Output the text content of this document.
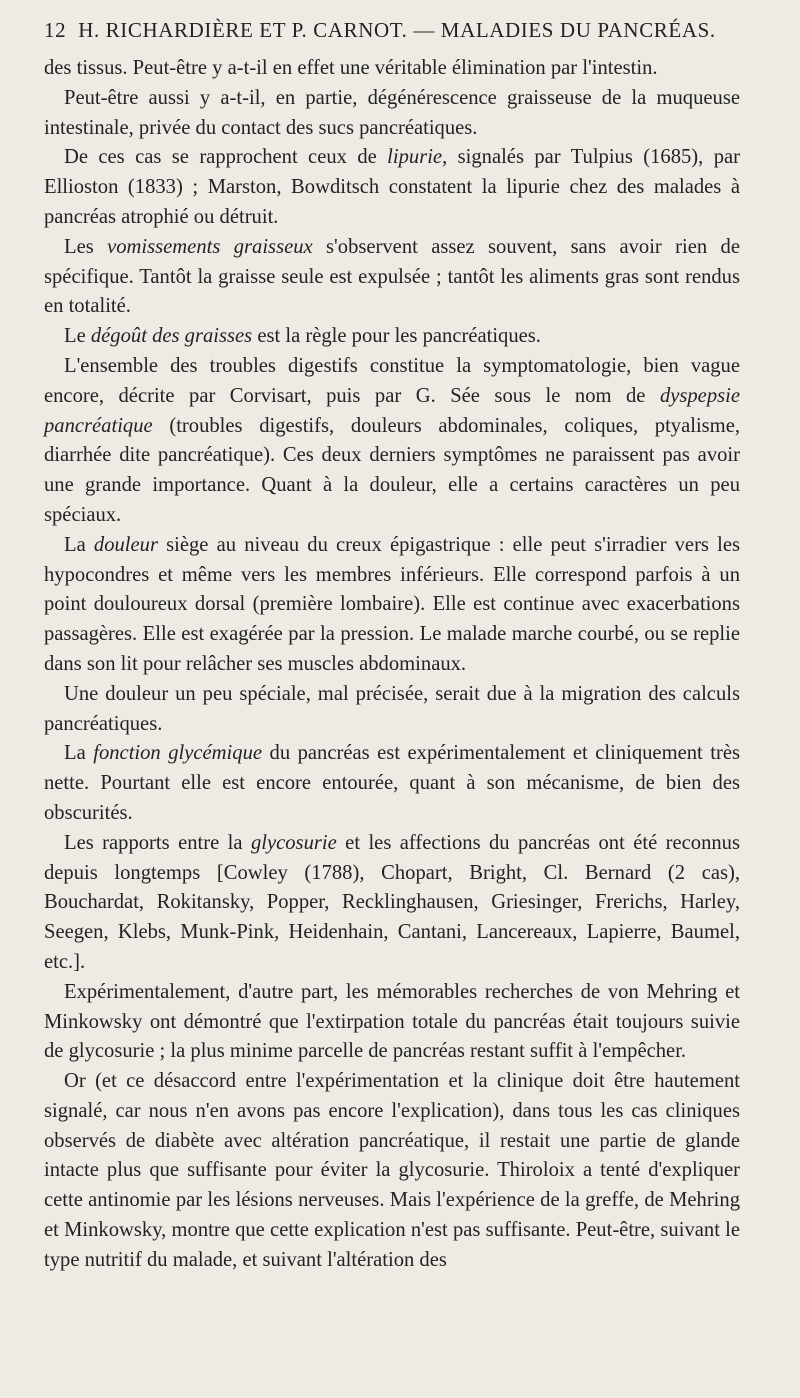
12 H. RICHARDIÈRE ET P. CARNOT. — MALADIES DU PANCRÉAS.

des tissus. Peut-être y a-t-il en effet une véritable élimination par l'intestin.

Peut-être aussi y a-t-il, en partie, dégénérescence graisseuse de la muqueuse intestinale, privée du contact des sucs pancréatiques.

De ces cas se rapprochent ceux de lipurie, signalés par Tulpius (1685), par Ellioston (1833) ; Marston, Bowditsch constatent la lipurie chez des malades à pancréas atrophié ou détruit.

Les vomissements graisseux s'observent assez souvent, sans avoir rien de spécifique. Tantôt la graisse seule est expulsée ; tantôt les aliments gras sont rendus en totalité.

Le dégoût des graisses est la règle pour les pancréatiques.

L'ensemble des troubles digestifs constitue la symptomatologie, bien vague encore, décrite par Corvisart, puis par G. Sée sous le nom de dyspepsie pancréatique (troubles digestifs, douleurs abdominales, coliques, ptyalisme, diarrhée dite pancréatique). Ces deux derniers symptômes ne paraissent pas avoir une grande importance. Quant à la douleur, elle a certains caractères un peu spéciaux.

La douleur siège au niveau du creux épigastrique : elle peut s'irradier vers les hypocondres et même vers les membres inférieurs. Elle correspond parfois à un point douloureux dorsal (première lombaire). Elle est continue avec exacerbations passagères. Elle est exagérée par la pression. Le malade marche courbé, ou se replie dans son lit pour relâcher ses muscles abdominaux.

Une douleur un peu spéciale, mal précisée, serait due à la migration des calculs pancréatiques.

La fonction glycémique du pancréas est expérimentalement et cliniquement très nette. Pourtant elle est encore entourée, quant à son mécanisme, de bien des obscurités.

Les rapports entre la glycosurie et les affections du pancréas ont été reconnus depuis longtemps [Cowley (1788), Chopart, Bright, Cl. Bernard (2 cas), Bouchardat, Rokitansky, Popper, Recklinghausen, Griesinger, Frerichs, Harley, Seegen, Klebs, Munk-Pink, Heidenhain, Cantani, Lancereaux, Lapierre, Baumel, etc.].

Expérimentalement, d'autre part, les mémorables recherches de von Mehring et Minkowsky ont démontré que l'extirpation totale du pancréas était toujours suivie de glycosurie ; la plus minime parcelle de pancréas restant suffit à l'empêcher.

Or (et ce désaccord entre l'expérimentation et la clinique doit être hautement signalé, car nous n'en avons pas encore l'explication), dans tous les cas cliniques observés de diabète avec altération pancréatique, il restait une partie de glande intacte plus que suffisante pour éviter la glycosurie. Thiroloix a tenté d'expliquer cette antinomie par les lésions nerveuses. Mais l'expérience de la greffe, de Mehring et Minkowsky, montre que cette explication n'est pas suffisante. Peut-être, suivant le type nutritif du malade, et suivant l'altération des
